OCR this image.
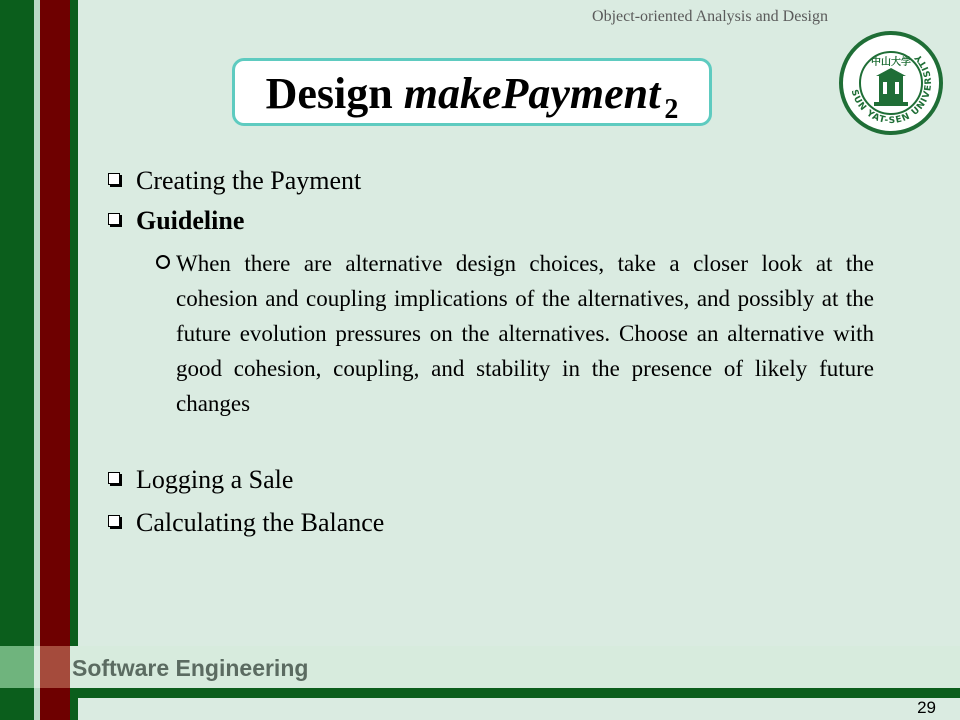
Software Engineering
29
Object-oriented Analysis and Design
Design makePayment $_2$
SUN YAT-SEN UNIVERSITY
中山大学
Creating the Payment
Guideline
When there are alternative design choices, take a closer look at the cohesion and coupling implications of the alternatives, and possibly at the future evolution pressures on the alternatives. Choose an alternative with good cohesion, coupling, and stability in the presence of likely future changes
Logging a Sale
Calculating the Balance
